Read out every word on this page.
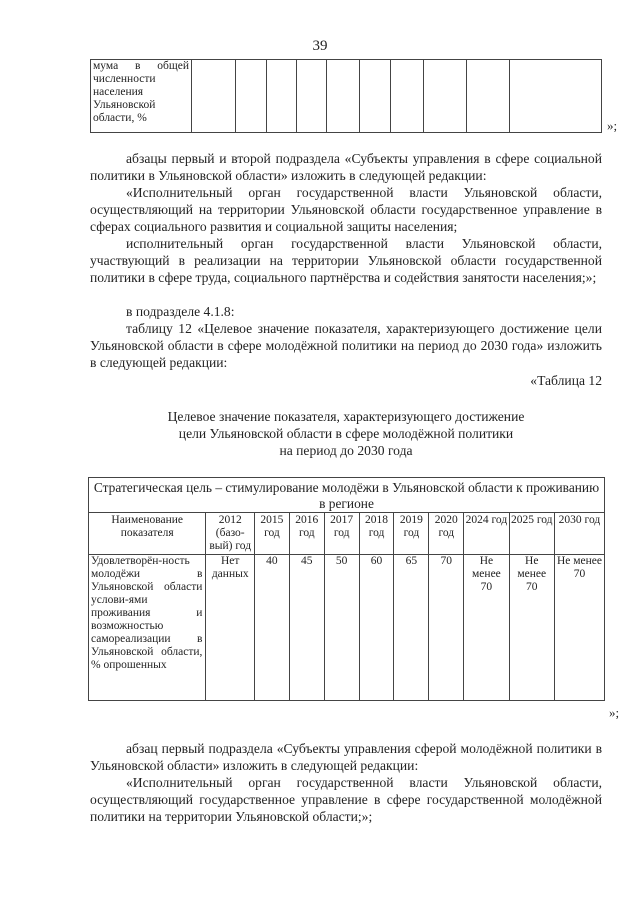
39
мума в общей численности населения Ульяновской области, %											»;

абзацы первый и второй подраздела «Субъекты управления в сфере социальной политики в Ульяновской области» изложить в следующей редакции:

«Исполнительный орган государственной власти Ульяновской области, осуществляющий на территории Ульяновской области государственное управление в сферах социального развития и социальной защиты населения;

исполнительный орган государственной власти Ульяновской области, участвующий в реализации на территории Ульяновской области государственной политики в сфере труда, социального партнёрства и содействия занятости населения;»;

в подразделе 4.1.8:

таблицу 12 «Целевое значение показателя, характеризующего достижение цели Ульяновской области в сфере молодёжной политики на период до 2030 года» изложить в следующей редакции:

«Таблица 12

Целевое значение показателя, характеризующего достижение
цели Ульяновской области в сфере молодёжной политики
на период до 2030 года
Стратегическая цель – стимулирование молодёжи в Ульяновской области к проживанию в регионе										
Наименование показателя	2012 (базо-вый) год	2015 год	2016 год	2017 год	2018 год	2019 год	2020 год	2024 год	2025 год	2030 год
Удовлетворён-ность молодёжи в Ульяновской области услови-ями проживания и возможностью самореализации в Ульяновской области, % опрошенных	Нет данных	40	45	50	60	65	70	Не менее 70	Не менее 70	Не менее 70
»;

абзац первый подраздела «Субъекты управления сферой молодёжной политики в Ульяновской области» изложить в следующей редакции:

«Исполнительный орган государственной власти Ульяновской области, осуществляющий государственное управление в сфере государственной молодёжной политики на территории Ульяновской области;»;
